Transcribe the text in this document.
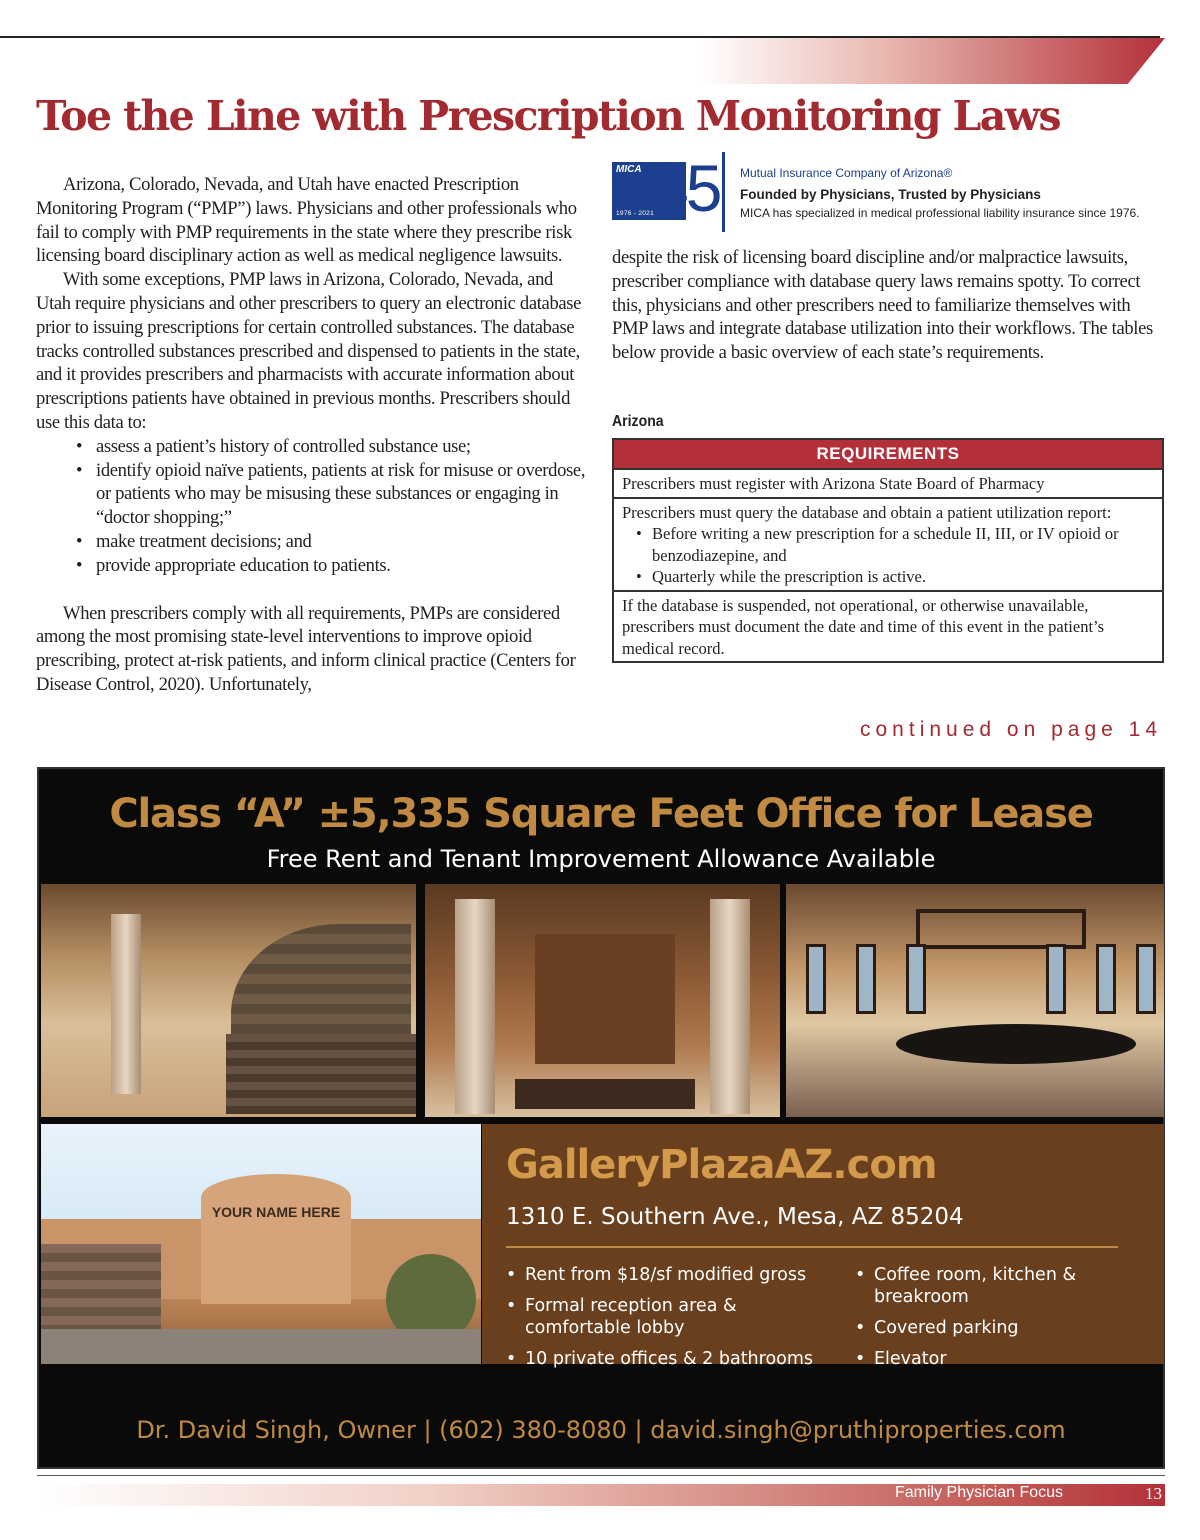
Toe the Line with Prescription Monitoring Laws

Arizona, Colorado, Nevada, and Utah have enacted Prescription Monitoring Program (“PMP”) laws. Physicians and other professionals who fail to comply with PMP requirements in the state where they prescribe risk licensing board disciplinary action as well as medical negligence lawsuits.

With some exceptions, PMP laws in Arizona, Colorado, Nevada, and Utah require physicians and other prescribers to query an electronic database prior to issuing prescriptions for certain controlled substances. The database tracks controlled substances prescribed and dispensed to patients in the state, and it provides prescribers and pharmacists with accurate information about prescriptions patients have obtained in previous months. Prescribers should use this data to:

• assess a patient’s history of controlled substance use;
• identify opioid naïve patients, patients at risk for misuse or overdose, or patients who may be misusing these substances or engaging in “doctor shopping;”
• make treatment decisions; and
• provide appropriate education to patients.

When prescribers comply with all requirements, PMPs are considered among the most promising state-level interventions to improve opioid prescribing, protect at-risk patients, and inform clinical practice (Centers for Disease Control, 2020). Unfortunately,

MICA
1976 - 2021
45 Mutual Insurance Company of Arizona®
Founded by Physicians, Trusted by Physicians
MICA has specialized in medical professional liability insurance since 1976.

despite the risk of licensing board discipline and/or malpractice lawsuits, prescriber compliance with database query laws remains spotty. To correct this, physicians and other prescribers need to familiarize themselves with PMP laws and integrate database utilization into their workflows. The tables below provide a basic overview of each state’s requirements.

Arizona
REQUIREMENTS
Prescribers must register with Arizona State Board of Pharmacy

Prescribers must query the database and obtain a patient utilization report:
• Before writing a new prescription for a schedule II, III, or IV opioid or benzodiazepine, and
• Quarterly while the prescription is active.

If the database is suspended, not operational, or otherwise unavailable, prescribers must document the date and time of this event in the patient’s medical record.
continued on page 14
Class “A” ±5,335 Square Feet Office for Lease
Free Rent and Tenant Improvement Allowance Available
YOUR NAME HERE
GalleryPlazaAZ.com
1310 E. Southern Ave., Mesa, AZ 85204
• Rent from $18/sf modified gross
• Formal reception area & comfortable lobby
• 10 private offices & 2 bathrooms
• Coffee room, kitchen & breakroom
• Covered parking
• Elevator
Dr. David Singh, Owner | (602) 380-8080 | david.singh@pruthiproperties.com
Family Physician Focus	13
